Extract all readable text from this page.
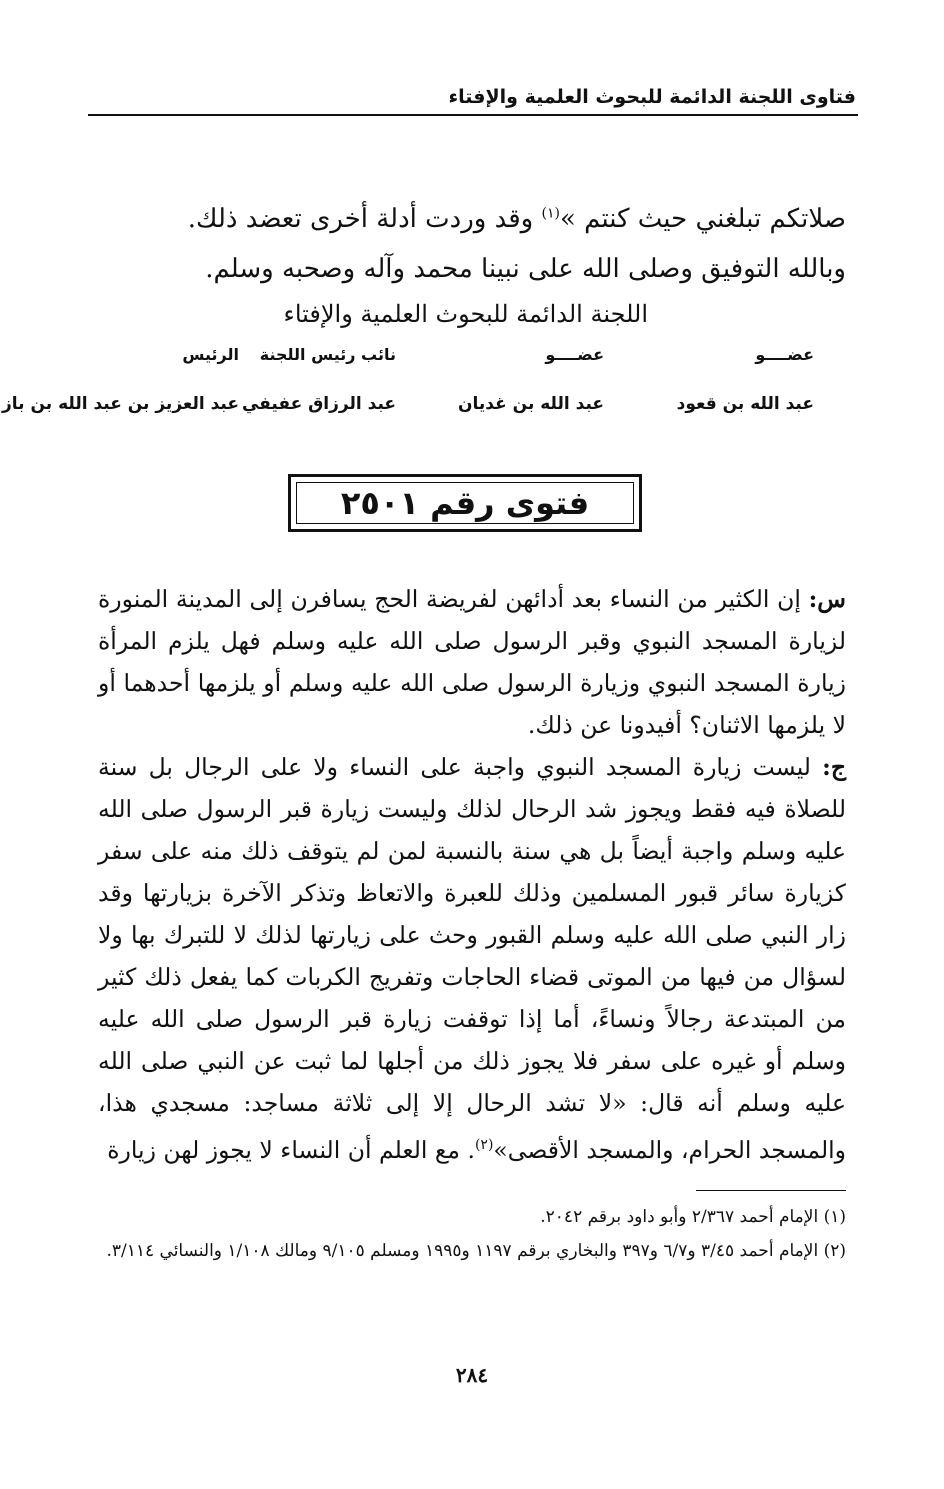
فتاوى اللجنة الدائمة للبحوث العلمية والإفتاء
صلاتكم تبلغني حيث كنتم »$^{(١)}$ وقد وردت أدلة أخرى تعضد ذلك.
وبالله التوفيق وصلى الله على نبينا محمد وآله وصحبه وسلم.
اللجنة الدائمة للبحوث العلمية والإفتاء
عضــــو
عضــــو
نائب رئيس اللجنة
الرئيس
عبد الله بن قعود
عبد الله بن غديان
عبد الرزاق عفيفي
عبد العزيز بن عبد الله بن باز
فتوى رقم ٢٥٠١

س: إن الكثير من النساء بعد أدائهن لفريضة الحج يسافرن إلى المدينة المنورة لزيارة المسجد النبوي وقبر الرسول صلى الله عليه وسلم فهل يلزم المرأة زيارة المسجد النبوي وزيارة الرسول صلى الله عليه وسلم أو يلزمها أحدهما أو لا يلزمها الاثنان؟ أفيدونا عن ذلك.

ج: ليست زيارة المسجد النبوي واجبة على النساء ولا على الرجال بل سنة للصلاة فيه فقط ويجوز شد الرحال لذلك وليست زيارة قبر الرسول صلى الله عليه وسلم واجبة أيضاً بل هي سنة بالنسبة لمن لم يتوقف ذلك منه على سفر كزيارة سائر قبور المسلمين وذلك للعبرة والاتعاظ وتذكر الآخرة بزيارتها وقد زار النبي صلى الله عليه وسلم القبور وحث على زيارتها لذلك لا للتبرك بها ولا لسؤال من فيها من الموتى قضاء الحاجات وتفريج الكربات كما يفعل ذلك كثير من المبتدعة رجالاً ونساءً، أما إذا توقفت زيارة قبر الرسول صلى الله عليه وسلم أو غيره على سفر فلا يجوز ذلك من أجلها لما ثبت عن النبي صلى الله عليه وسلم أنه قال: «لا تشد الرحال إلا إلى ثلاثة مساجد: مسجدي هذا، والمسجد الحرام، والمسجد الأقصى»$^{(٢)}$. مع العلم أن النساء لا يجوز لهن زيارة

(١) الإمام أحمد ٢/٣٦٧ وأبو داود برقم ٢٠٤٢.

(٢) الإمام أحمد ٣/٤٥ و٦/٧ و٣٩٧ والبخاري برقم ١١٩٧ و١٩٩٥ ومسلم ٩/١٠٥ ومالك ١/١٠٨ والنسائي ٣/١١٤.

٢٨٤
